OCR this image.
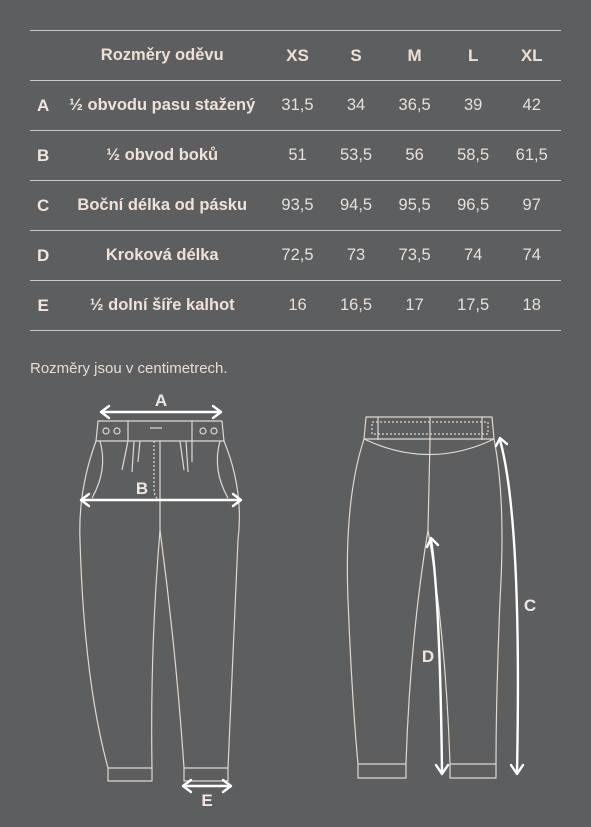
	Rozměry oděvu	XS	S	M	L	XL
A	½ obvodu pasu stažený	31,5	34	36,5	39	42
B	½ obvod boků	51	53,5	56	58,5	61,5
C	Boční délka od pásku	93,5	94,5	95,5	96,5	97
D	Kroková délka	72,5	73	73,5	74	74
E	½ dolní šíře kalhot	16	16,5	17	17,5	18
Rozměry jsou v centimetrech.
A
B
C
D
E
